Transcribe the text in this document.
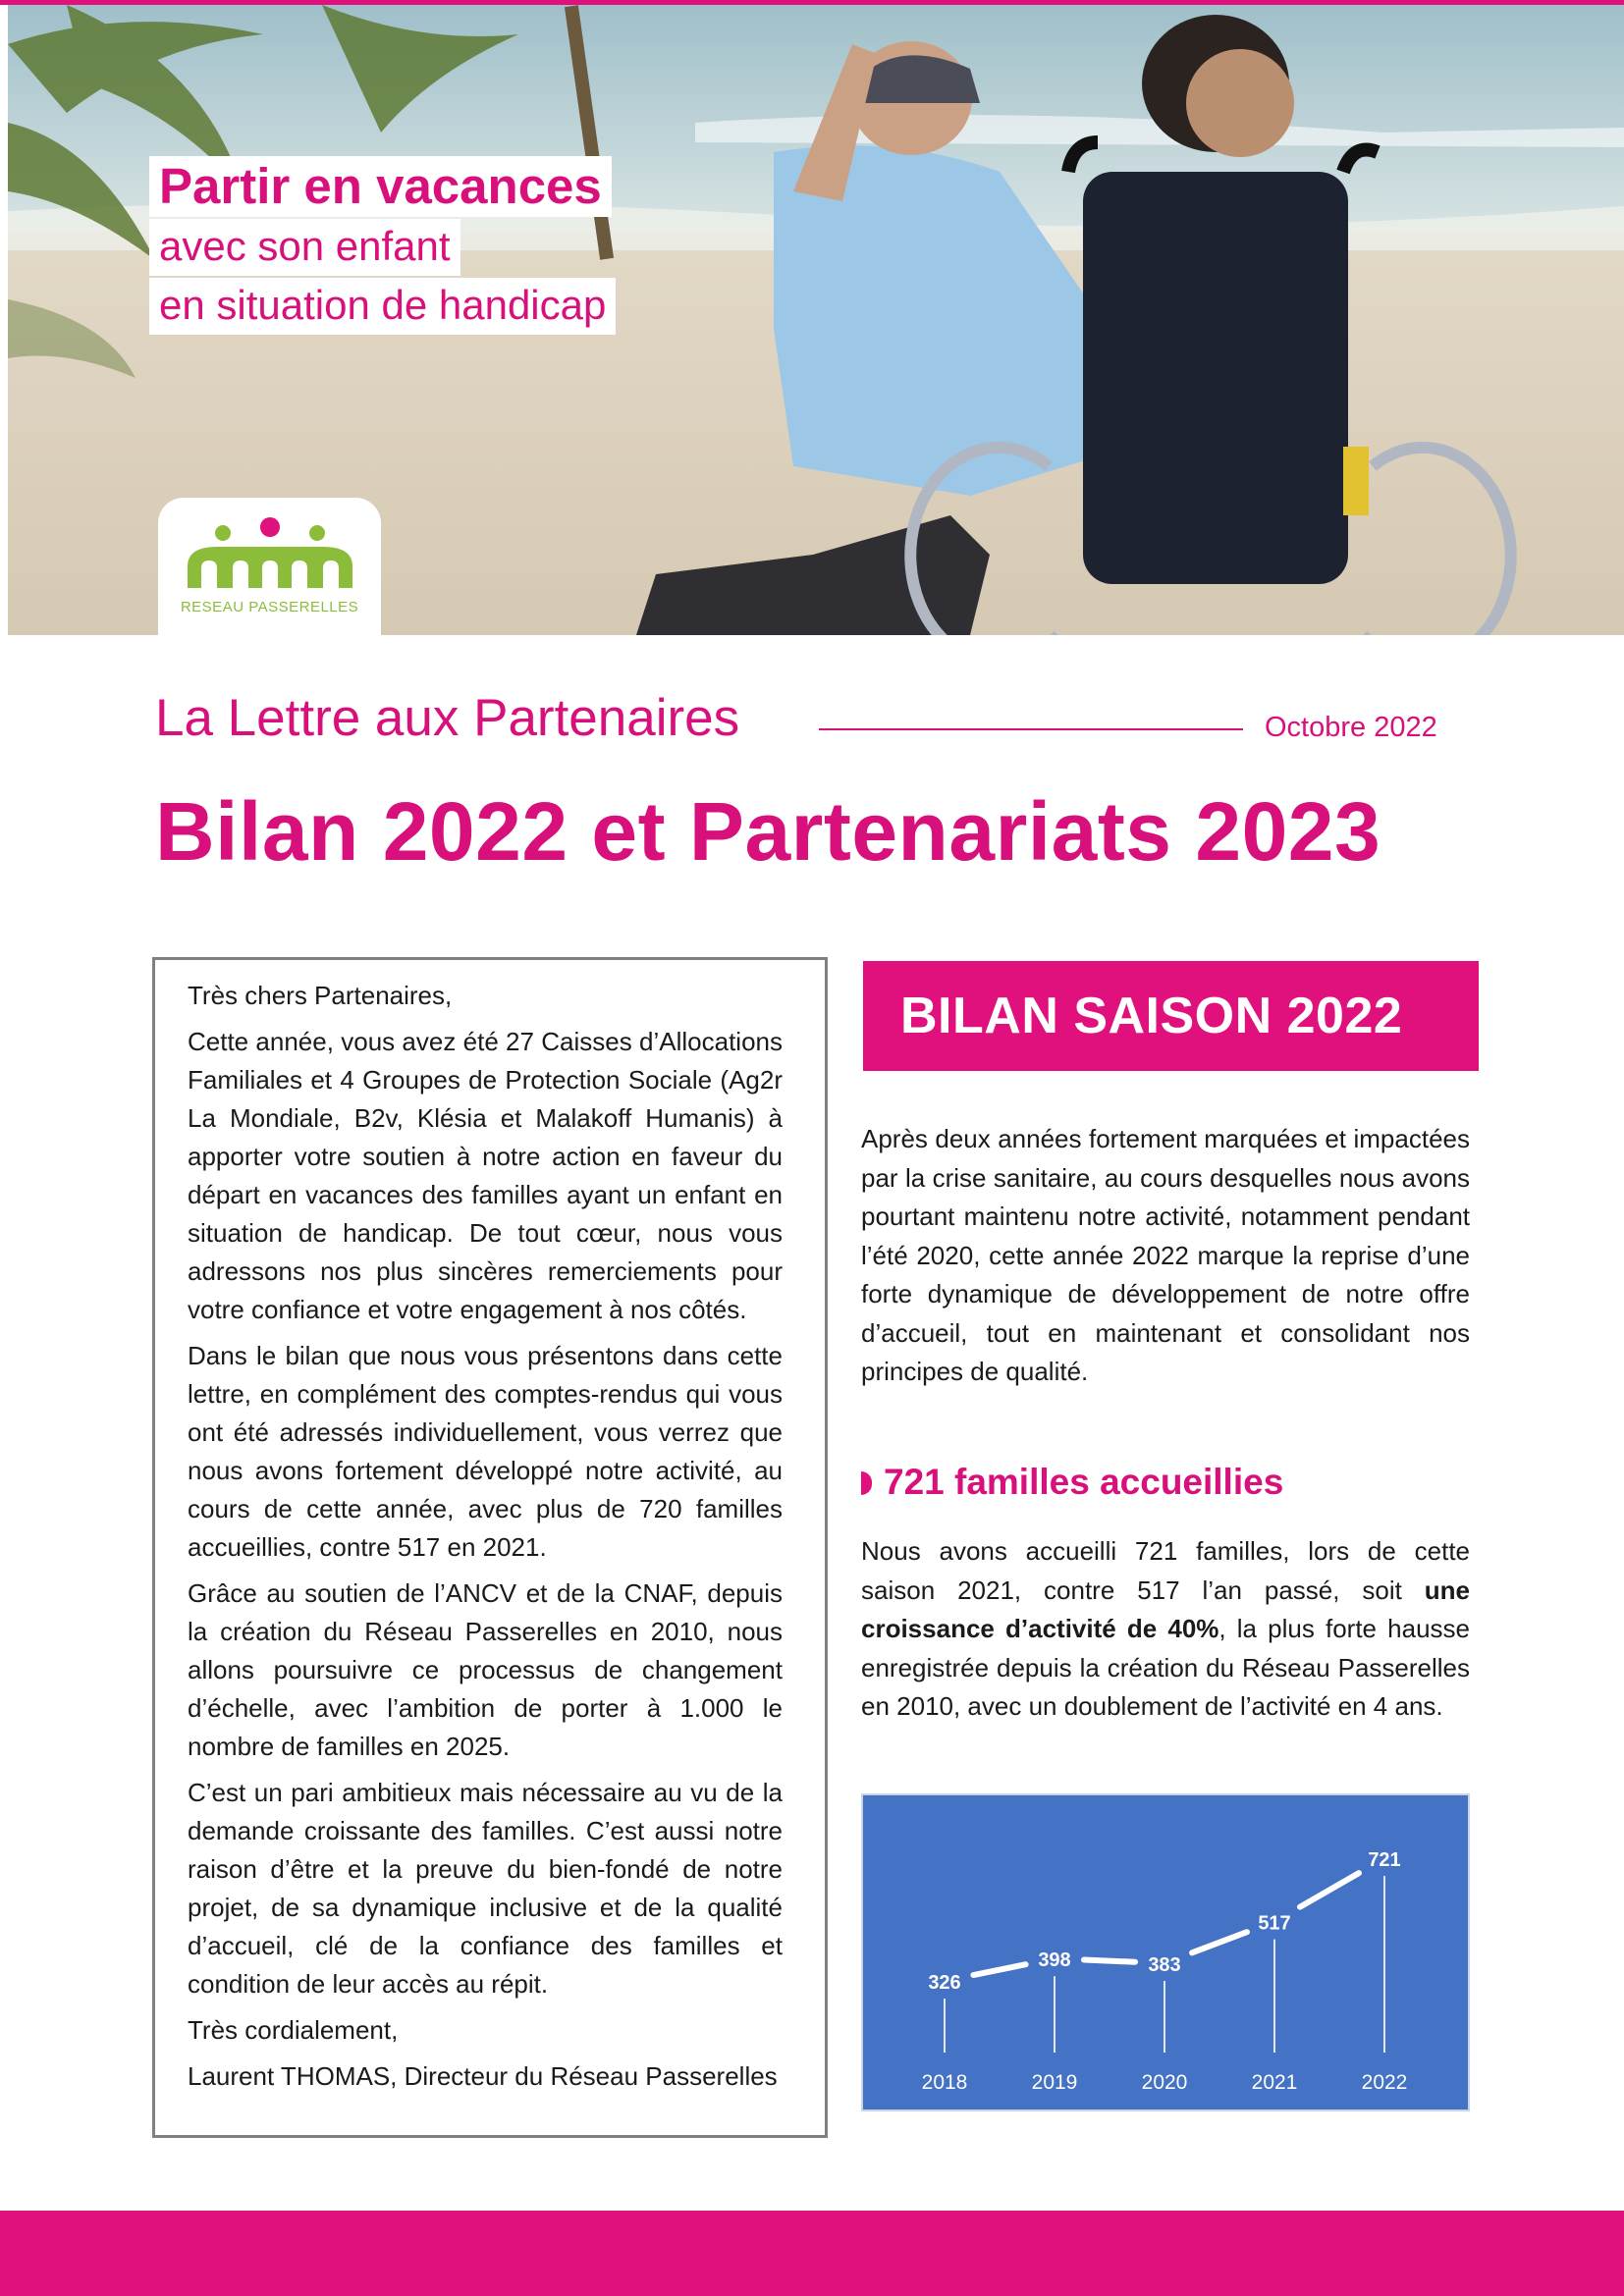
Partir en vacances
avec son enfant
en situation de handicap
RESEAU PASSERELLES
La Lettre aux Partenaires	Octobre 2022
Bilan 2022 et Partenariats 2023

Très chers Partenaires,

Cette année, vous avez été 27 Caisses d’Allocations Familiales et 4 Groupes de Protection Sociale (Ag2r La Mondiale, B2v, Klésia et Malakoff Humanis) à apporter votre soutien à notre action en faveur du départ en vacances des familles ayant un enfant en situation de handicap. De tout cœur, nous vous adressons nos plus sincères remerciements pour votre confiance et votre engagement à nos côtés.

Dans le bilan que nous vous présentons dans cette lettre, en complément des comptes-rendus qui vous ont été adressés individuellement, vous verrez que nous avons fortement développé notre activité, au cours de cette année, avec plus de 720 familles accueillies, contre 517 en 2021.

Grâce au soutien de l’ANCV et de la CNAF, depuis la création du Réseau Passerelles en 2010, nous allons poursuivre ce processus de changement d’échelle, avec l’ambition de porter à 1.000 le nombre de familles en 2025.

C’est un pari ambitieux mais nécessaire au vu de la demande croissante des familles. C’est aussi notre raison d’être et la preuve du bien-fondé de notre projet, de sa dynamique inclusive et de la qualité d’accueil, clé de la confiance des familles et condition de leur accès au répit.

Très cordialement,

Laurent THOMAS, Directeur du Réseau Passerelles

BILAN SAISON 2022
Après deux années fortement marquées et impactées par la crise sanitaire, au cours desquelles nous avons pourtant maintenu notre activité, notamment pendant l’été 2020, cette année 2022 marque la reprise d’une forte dynamique de développement de notre offre d’accueil, tout en maintenant et consolidant nos principes de qualité.
721 familles accueillies
Nous avons accueilli 721 familles, lors de cette saison 2021, contre 517 l’an passé, soit une croissance d’activité de 40%, la plus forte hausse enregistrée depuis la création du Réseau Passerelles en 2010, avec un doublement de l’activité en 4 ans.
326
398	383
517
721
2018	2019	2020	2021	2022
